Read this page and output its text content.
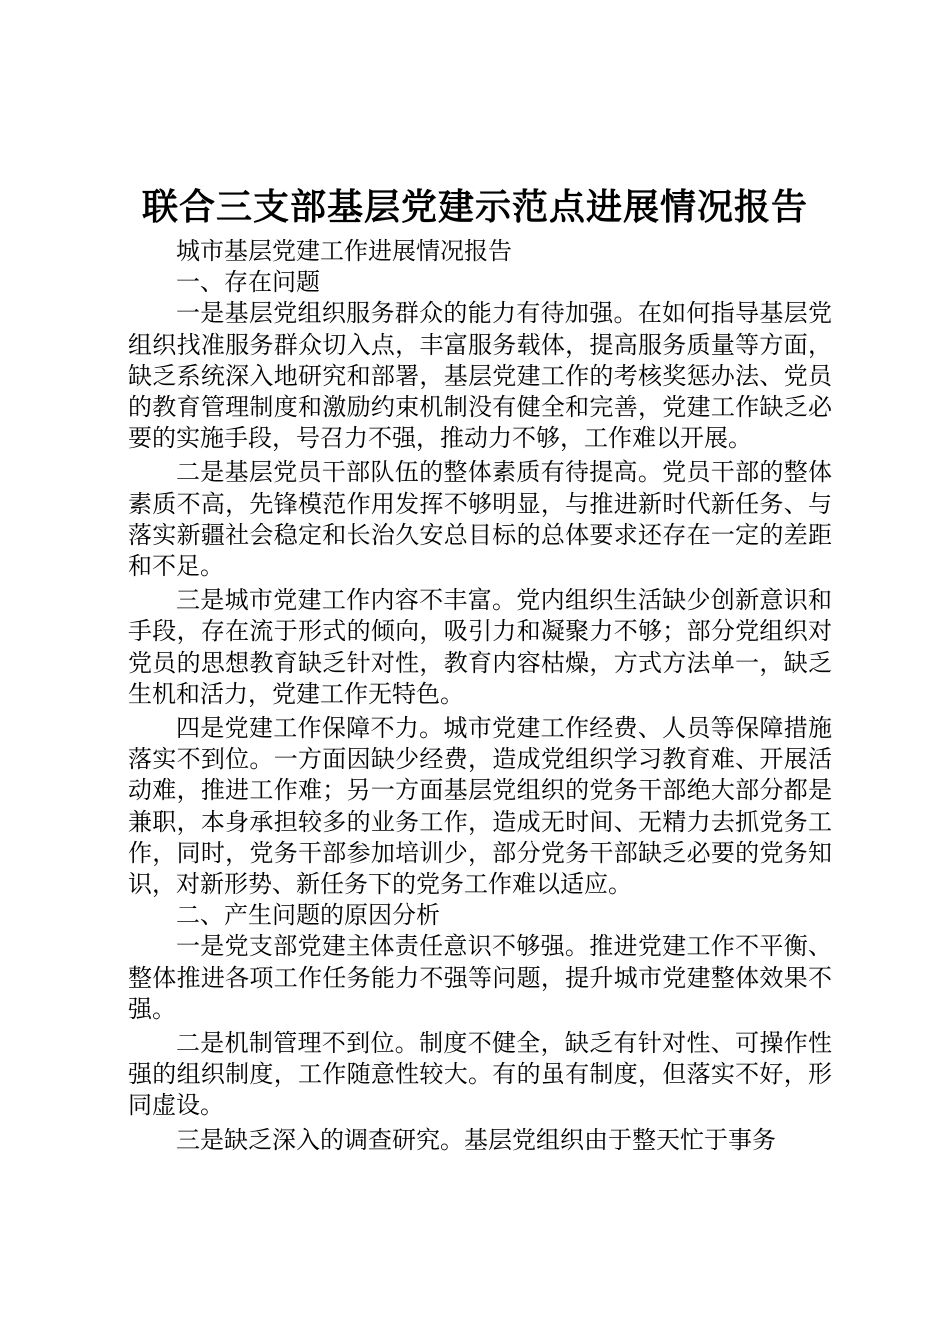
联合三支部基层党建示范点进展情况报告

城市基层党建工作进展情况报告

一、存在问题

一是基层党组织服务群众的能力有待加强。在如何指导基层党组织找准服务群众切入点，丰富服务载体，提高服务质量等方面，缺乏系统深入地研究和部署，基层党建工作的考核奖惩办法、党员的教育管理制度和激励约束机制没有健全和完善，党建工作缺乏必要的实施手段，号召力不强，推动力不够，工作难以开展。

二是基层党员干部队伍的整体素质有待提高。党员干部的整体素质不高，先锋模范作用发挥不够明显，与推进新时代新任务、与落实新疆社会稳定和长治久安总目标的总体要求还存在一定的差距和不足。

三是城市党建工作内容不丰富。党内组织生活缺少创新意识和手段，存在流于形式的倾向，吸引力和凝聚力不够；部分党组织对党员的思想教育缺乏针对性，教育内容枯燥，方式方法单一，缺乏生机和活力，党建工作无特色。

四是党建工作保障不力。城市党建工作经费、人员等保障措施落实不到位。一方面因缺少经费，造成党组织学习教育难、开展活动难，推进工作难；另一方面基层党组织的党务干部绝大部分都是兼职，本身承担较多的业务工作，造成无时间、无精力去抓党务工作，同时，党务干部参加培训少，部分党务干部缺乏必要的党务知识，对新形势、新任务下的党务工作难以适应。

二、产生问题的原因分析

一是党支部党建主体责任意识不够强。推进党建工作不平衡、整体推进各项工作任务能力不强等问题，提升城市党建整体效果不强。

二是机制管理不到位。制度不健全，缺乏有针对性、可操作性强的组织制度，工作随意性较大。有的虽有制度，但落实不好，形同虚设。

三是缺乏深入的调查研究。基层党组织由于整天忙于事务
